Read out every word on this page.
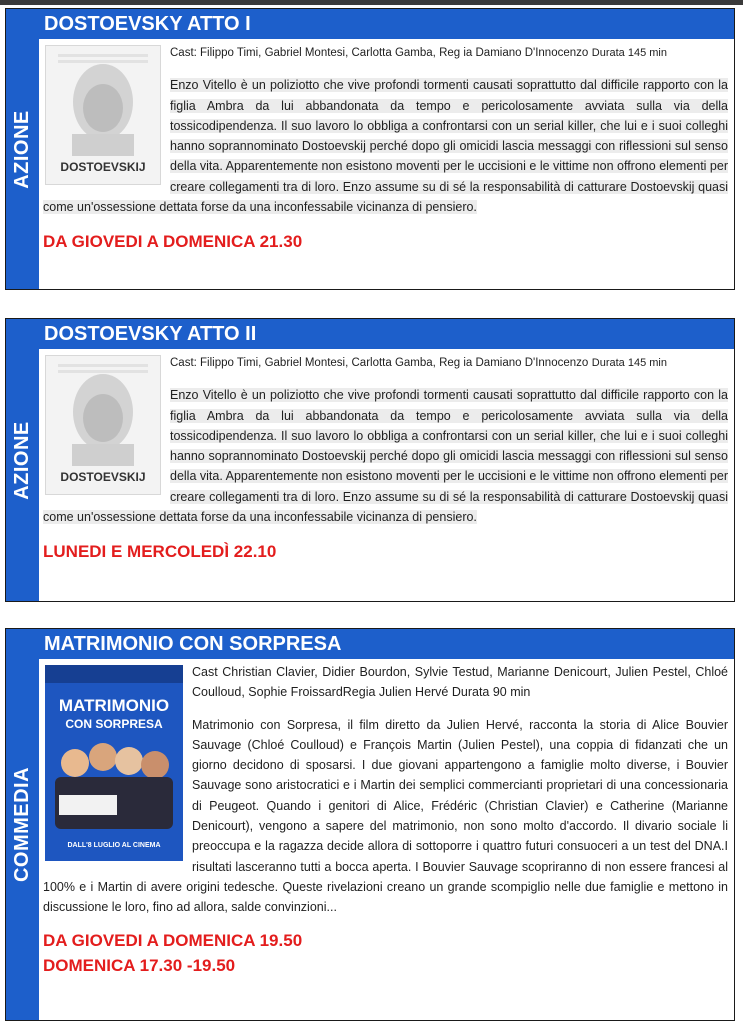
AZIONE
DOSTOEVSKY ATTO I
DOSTOEVSKIJ
Cast: Filippo Timi, Gabriel Montesi, Carlotta Gamba, Reg ia Damiano D'Innocenzo Durata 145 min
Enzo Vitello è un poliziotto che vive profondi tormenti causati soprattutto dal difficile rapporto con la figlia Ambra da lui abbandonata da tempo e pericolosamente avviata sulla via della tossicodipendenza. Il suo lavoro lo obbliga a confrontarsi con un serial killer, che lui e i suoi colleghi hanno soprannominato Dostoevskij perché dopo gli omicidi lascia messaggi con riflessioni sul senso della vita. Apparentemente non esistono moventi per le uccisioni e le vittime non offrono elementi per creare collegamenti tra di loro. Enzo assume su di sé la responsabilità di catturare Dostoevskij quasi come un'ossessione dettata forse da una inconfessabile vicinanza di pensiero.
DA GIOVEDI A DOMENICA 21.30
AZIONE
DOSTOEVSKY ATTO II
DOSTOEVSKIJ
Cast: Filippo Timi, Gabriel Montesi, Carlotta Gamba, Reg ia Damiano D'Innocenzo Durata 145 min
Enzo Vitello è un poliziotto che vive profondi tormenti causati soprattutto dal difficile rapporto con la figlia Ambra da lui abbandonata da tempo e pericolosamente avviata sulla via della tossicodipendenza. Il suo lavoro lo obbliga a confrontarsi con un serial killer, che lui e i suoi colleghi hanno soprannominato Dostoevskij perché dopo gli omicidi lascia messaggi con riflessioni sul senso della vita. Apparentemente non esistono moventi per le uccisioni e le vittime non offrono elementi per creare collegamenti tra di loro. Enzo assume su di sé la responsabilità di catturare Dostoevskij quasi come un'ossessione dettata forse da una inconfessabile vicinanza di pensiero.
LUNEDI E MERCOLEDÌ 22.10
COMMEDIA
MATRIMONIO CON SORPRESA
MATRIMONIO
CON SORPRESA
DALL'8 LUGLIO AL CINEMA
Cast Christian Clavier, Didier Bourdon, Sylvie Testud, Marianne Denicourt, Julien Pestel, Chloé Coulloud, Sophie FroissardRegia Julien Hervé Durata 90 min
Matrimonio con Sorpresa, il film diretto da Julien Hervé, racconta la storia di Alice Bouvier Sauvage (Chloé Coulloud) e François Martin (Julien Pestel), una coppia di fidanzati che un giorno decidono di sposarsi. I due giovani appartengono a famiglie molto diverse, i Bouvier Sauvage sono aristocratici e i Martin dei semplici commercianti proprietari di una concessionaria di Peugeot. Quando i genitori di Alice, Frédéric (Christian Clavier) e Catherine (Marianne Denicourt), vengono a sapere del matrimonio, non sono molto d'accordo. Il divario sociale li preoccupa e la ragazza decide allora di sottoporre i quattro futuri consuoceri a un test del DNA.I risultati lasceranno tutti a bocca aperta. I Bouvier Sauvage scopriranno di non essere francesi al 100% e i Martin di avere origini tedesche. Queste rivelazioni creano un grande scompiglio nelle due famiglie e mettono in discussione le loro, fino ad allora, salde convinzioni...
DA GIOVEDI A DOMENICA 19.50
DOMENICA 17.30 -19.50
